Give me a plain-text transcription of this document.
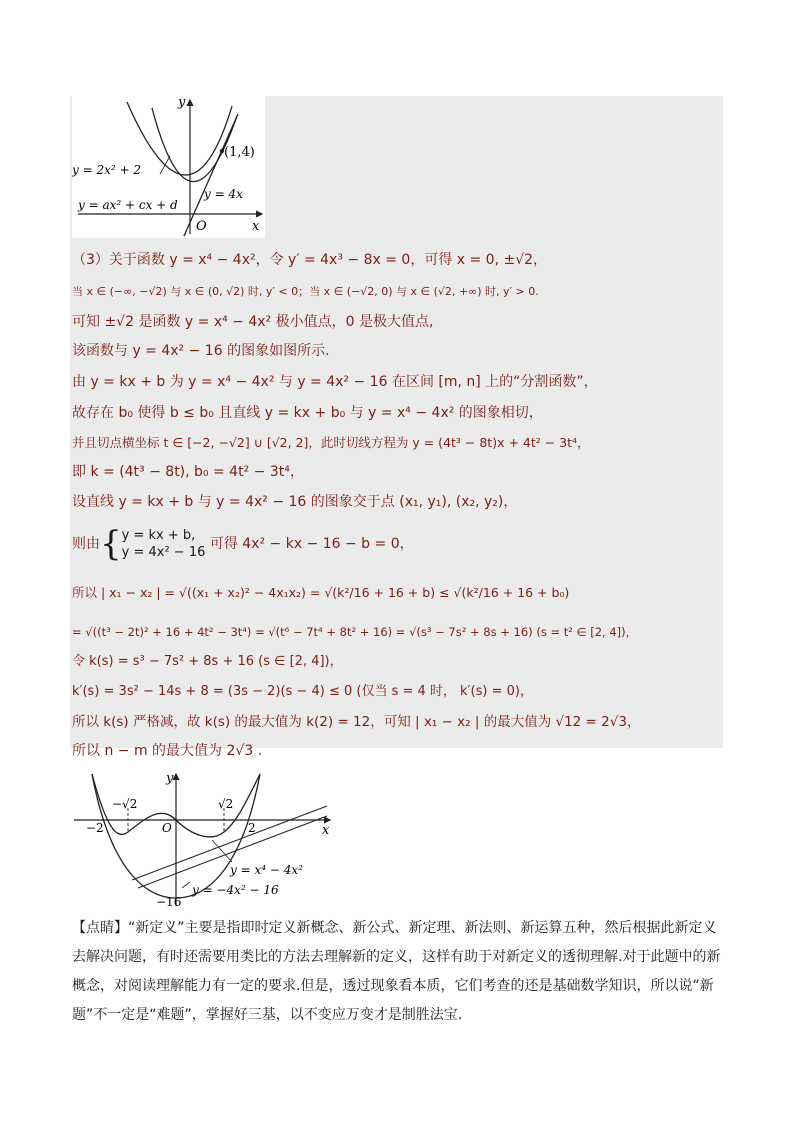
y
x
O
(1,4)
y = 2x² + 2
y = 4x
y = ax² + cx + d
（3）关于函数 y = x⁴ − 4x²，令 y′ = 4x³ − 8x = 0，可得 x = 0, ±√2，
当 x ∈ (−∞, −√2) 与 x ∈ (0, √2) 时, y′ < 0；当 x ∈ (−√2, 0) 与 x ∈ (√2, +∞) 时, y′ > 0.
可知 ±√2 是函数 y = x⁴ − 4x² 极小值点，0 是极大值点,
该函数与 y = 4x² − 16 的图象如图所示.
由 y = kx + b 为 y = x⁴ − 4x² 与 y = 4x² − 16 在区间 [m, n] 上的“分割函数”，
故存在 b₀ 使得 b ≤ b₀ 且直线 y = kx + b₀ 与 y = x⁴ − 4x² 的图象相切，
并且切点横坐标 t ∈ [−2, −√2] ∪ [√2, 2]，此时切线方程为 y = (4t³ − 8t)x + 4t² − 3t⁴，
即 k = (4t³ − 8t), b₀ = 4t² − 3t⁴，
设直线 y = kx + b 与 y = 4x² − 16 的图象交于点 (x₁, y₁), (x₂, y₂)，
则由{y = kx + b,
y = 4x² − 16 可得 4x² − kx − 16 − b = 0，
所以 | x₁ − x₂ | = √((x₁ + x₂)² − 4x₁x₂) = √(k²/16 + 16 + b) ≤ √(k²/16 + 16 + b₀)
= √((t³ − 2t)² + 16 + 4t² − 3t⁴) = √(t⁶ − 7t⁴ + 8t² + 16) = √(s³ − 7s² + 8s + 16) (s = t² ∈ [2, 4])，
令 k(s) = s³ − 7s² + 8s + 16 (s ∈ [2, 4])，
k′(s) = 3s² − 14s + 8 = (3s − 2)(s − 4) ≤ 0 (仅当 s = 4 时， k′(s) = 0)，
所以 k(s) 严格减，故 k(s) 的最大值为 k(2) = 12，可知 | x₁ − x₂ | 的最大值为 √12 = 2√3，
所以 n − m 的最大值为 2√3 .
y
x
O
−√2	√2
−2	2
−16
y = x⁴ − 4x²
y = −4x² − 16
【点睛】“新定义”主要是指即时定义新概念、新公式、新定理、新法则、新运算五种，然后根据此新定义去解决问题，有时还需要用类比的方法去理解新的定义，这样有助于对新定义的透彻理解.对于此题中的新概念，对阅读理解能力有一定的要求.但是，透过现象看本质，它们考查的还是基础数学知识，所以说“新题”不一定是“难题”，掌握好三基，以不变应万变才是制胜法宝.
